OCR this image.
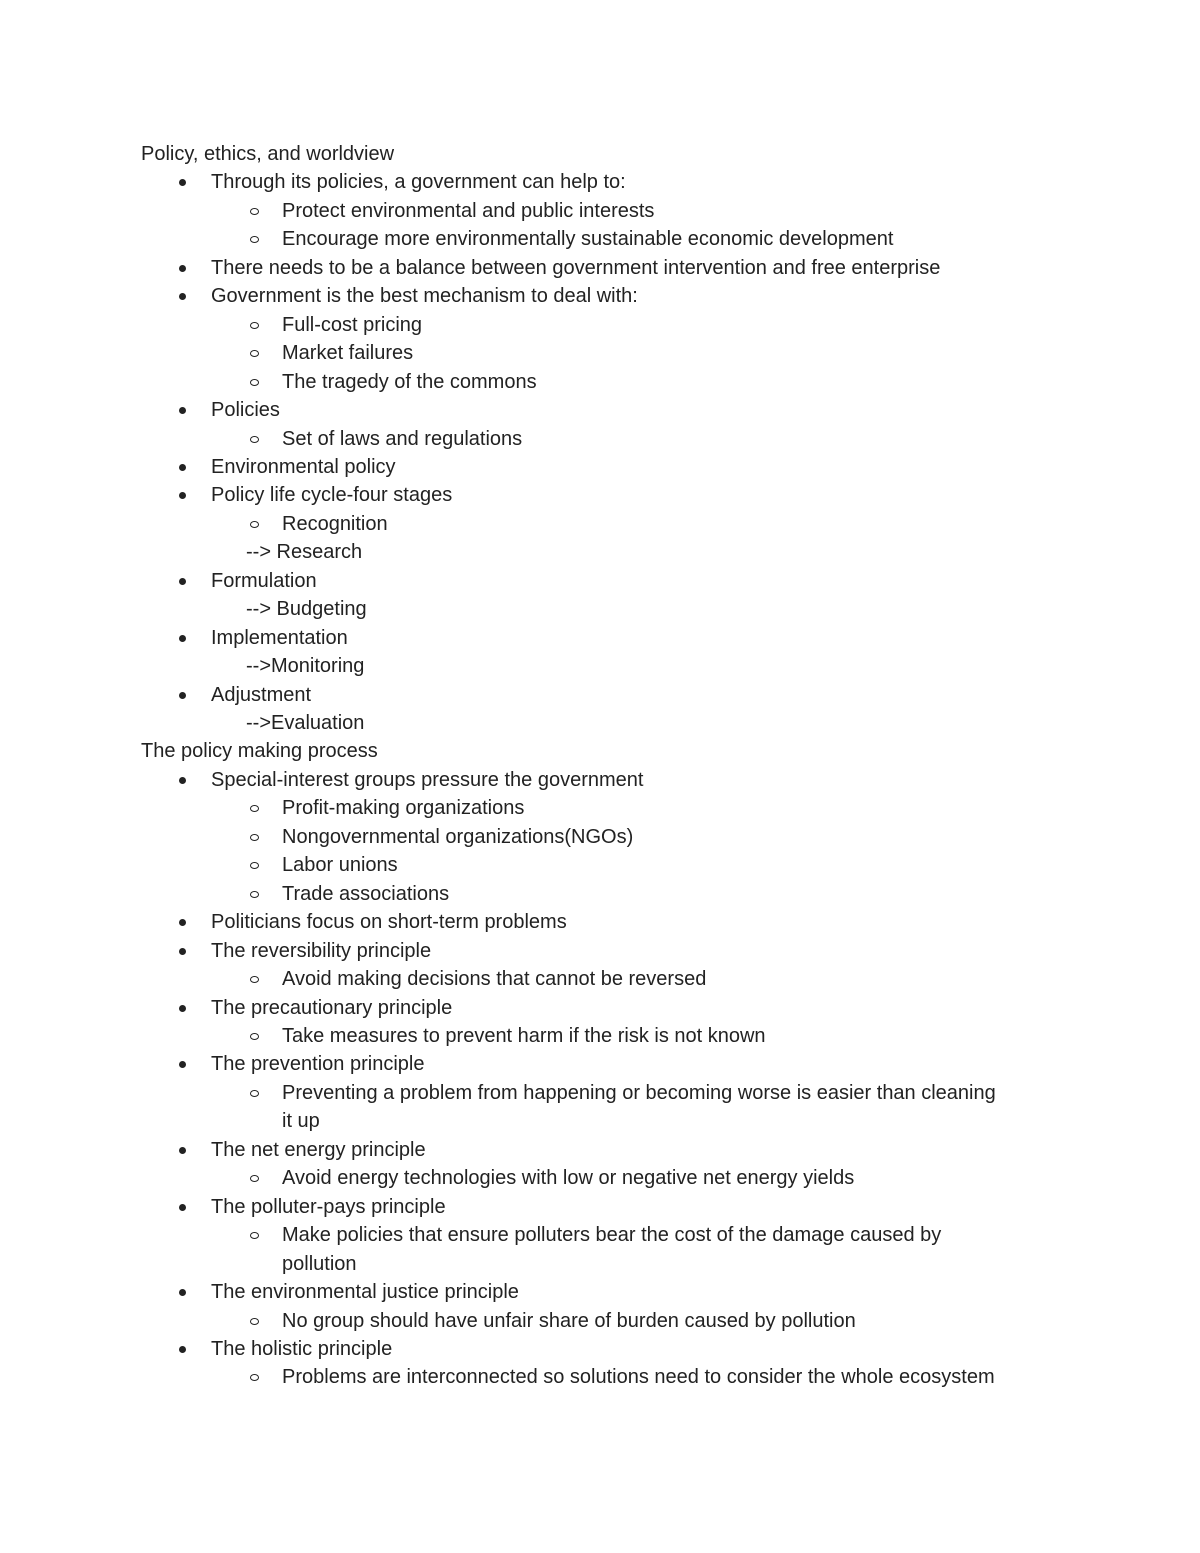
Policy, ethics, and worldview
Through its policies, a government can help to:
Protect environmental and public interests
Encourage more environmentally sustainable economic development
There needs to be a balance between government intervention and free enterprise
Government is the best mechanism to deal with:
Full-cost pricing
Market failures
The tragedy of the commons
Policies
Set of laws and regulations
Environmental policy
Policy life cycle-four stages
Recognition
--> Research
Formulation
--> Budgeting
Implementation
-->Monitoring
Adjustment
-->Evaluation
The policy making process
Special-interest groups pressure the government
Profit-making organizations
Nongovernmental organizations(NGOs)
Labor unions
Trade associations
Politicians focus on short-term problems
The reversibility principle
Avoid making decisions that cannot be reversed
The precautionary principle
Take measures to prevent harm if the risk is not known
The prevention principle
Preventing a problem from happening or becoming worse is easier than cleaning
it up
The net energy principle
Avoid energy technologies with low or negative net energy yields
The polluter-pays principle
Make policies that ensure polluters bear the cost of the damage caused by
pollution
The environmental justice principle
No group should have unfair share of burden caused by pollution
The holistic principle
Problems are interconnected so solutions need to consider the whole ecosystem
